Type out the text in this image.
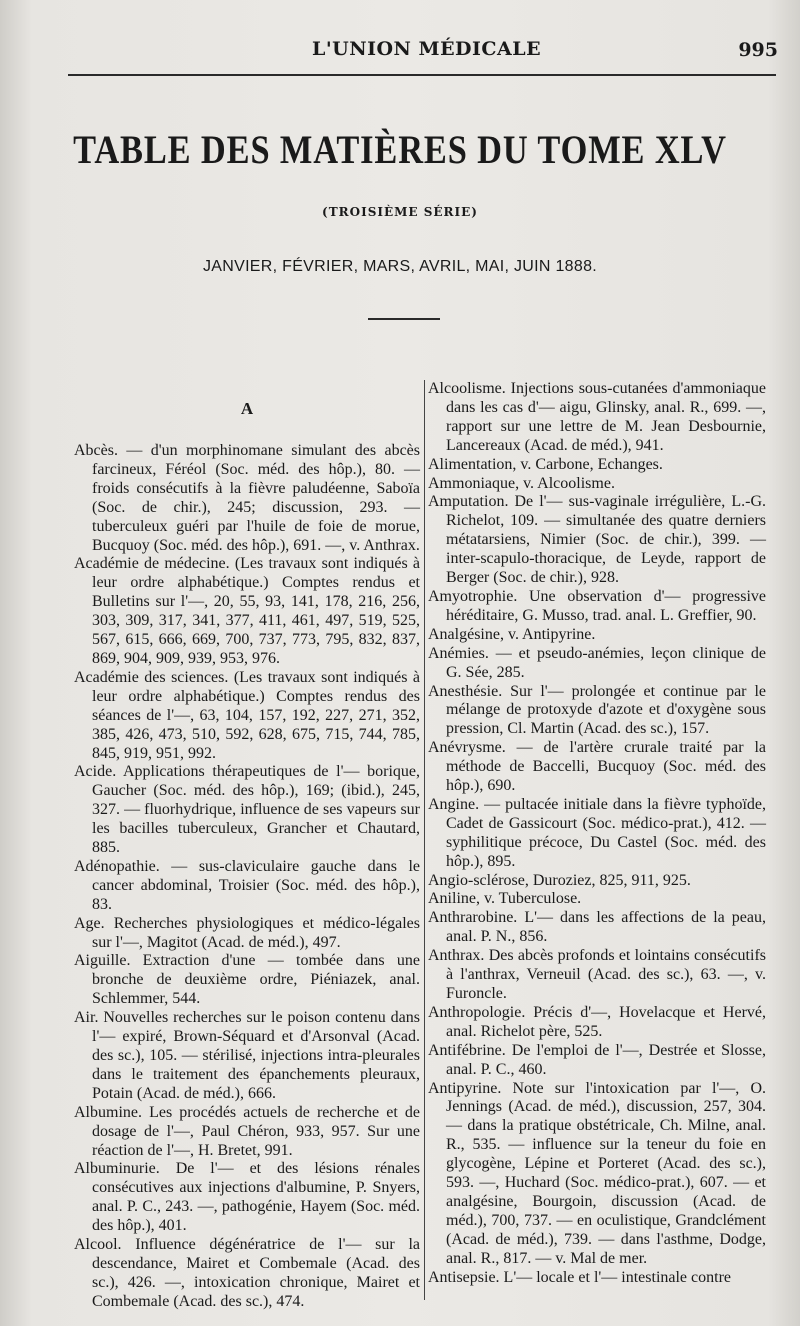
L'UNION MÉDICALE	995
TABLE DES MATIÈRES DU TOME XLV
(TROISIÈME SÉRIE)
JANVIER, FÉVRIER, MARS, AVRIL, MAI, JUIN 1888.
A

Abcès. — d'un morphinomane simulant des abcès farcineux, Féréol (Soc. méd. des hôp.), 80. — froids consécutifs à la fièvre paludéenne, Saboïa (Soc. de chir.), 245; discussion, 293. — tuberculeux guéri par l'huile de foie de morue, Bucquoy (Soc. méd. des hôp.), 691. —, v. Anthrax.

Académie de médecine. (Les travaux sont indiqués à leur ordre alphabétique.) Comptes rendus et Bulletins sur l'—, 20, 55, 93, 141, 178, 216, 256, 303, 309, 317, 341, 377, 411, 461, 497, 519, 525, 567, 615, 666, 669, 700, 737, 773, 795, 832, 837, 869, 904, 909, 939, 953, 976.

Académie des sciences. (Les travaux sont indiqués à leur ordre alphabétique.) Comptes rendus des séances de l'—, 63, 104, 157, 192, 227, 271, 352, 385, 426, 473, 510, 592, 628, 675, 715, 744, 785, 845, 919, 951, 992.

Acide. Applications thérapeutiques de l'— borique, Gaucher (Soc. méd. des hôp.), 169; (ibid.), 245, 327. — fluorhydrique, influence de ses vapeurs sur les bacilles tuberculeux, Grancher et Chautard, 885.

Adénopathie. — sus-claviculaire gauche dans le cancer abdominal, Troisier (Soc. méd. des hôp.), 83.

Age. Recherches physiologiques et médico-légales sur l'—, Magitot (Acad. de méd.), 497.

Aiguille. Extraction d'une — tombée dans une bronche de deuxième ordre, Piéniazek, anal. Schlemmer, 544.

Air. Nouvelles recherches sur le poison contenu dans l'— expiré, Brown-Séquard et d'Arsonval (Acad. des sc.), 105. — stérilisé, injections intra-pleurales dans le traitement des épanchements pleuraux, Potain (Acad. de méd.), 666.

Albumine. Les procédés actuels de recherche et de dosage de l'—, Paul Chéron, 933, 957. Sur une réaction de l'—, H. Bretet, 991.

Albuminurie. De l'— et des lésions rénales consécutives aux injections d'albumine, P. Snyers, anal. P. C., 243. —, pathogénie, Hayem (Soc. méd. des hôp.), 401.

Alcool. Influence dégénératrice de l'— sur la descendance, Mairet et Combemale (Acad. des sc.), 426. —, intoxication chronique, Mairet et Combemale (Acad. des sc.), 474.

Alcoolisme. Injections sous-cutanées d'ammoniaque dans les cas d'— aigu, Glinsky, anal. R., 699. —, rapport sur une lettre de M. Jean Desbournie, Lancereaux (Acad. de méd.), 941.

Alimentation, v. Carbone, Echanges.

Ammoniaque, v. Alcoolisme.

Amputation. De l'— sus-vaginale irrégulière, L.-G. Richelot, 109. — simultanée des quatre derniers métatarsiens, Nimier (Soc. de chir.), 399. — inter-scapulo-thoracique, de Leyde, rapport de Berger (Soc. de chir.), 928.

Amyotrophie. Une observation d'— progressive héréditaire, G. Musso, trad. anal. L. Greffier, 90.

Analgésine, v. Antipyrine.

Anémies. — et pseudo-anémies, leçon clinique de G. Sée, 285.

Anesthésie. Sur l'— prolongée et continue par le mélange de protoxyde d'azote et d'oxygène sous pression, Cl. Martin (Acad. des sc.), 157.

Anévrysme. — de l'artère crurale traité par la méthode de Baccelli, Bucquoy (Soc. méd. des hôp.), 690.

Angine. — pultacée initiale dans la fièvre typhoïde, Cadet de Gassicourt (Soc. médico-prat.), 412. — syphilitique précoce, Du Castel (Soc. méd. des hôp.), 895.

Angio-sclérose, Duroziez, 825, 911, 925.

Aniline, v. Tuberculose.

Anthrarobine. L'— dans les affections de la peau, anal. P. N., 856.

Anthrax. Des abcès profonds et lointains consécutifs à l'anthrax, Verneuil (Acad. des sc.), 63. —, v. Furoncle.

Anthropologie. Précis d'—, Hovelacque et Hervé, anal. Richelot père, 525.

Antifébrine. De l'emploi de l'—, Destrée et Slosse, anal. P. C., 460.

Antipyrine. Note sur l'intoxication par l'—, O. Jennings (Acad. de méd.), discussion, 257, 304. — dans la pratique obstétricale, Ch. Milne, anal. R., 535. — influence sur la teneur du foie en glycogène, Lépine et Porteret (Acad. des sc.), 593. —, Huchard (Soc. médico-prat.), 607. — et analgésine, Bourgoin, discussion (Acad. de méd.), 700, 737. — en oculistique, Grandclément (Acad. de méd.), 739. — dans l'asthme, Dodge, anal. R., 817. — v. Mal de mer.

Antisepsie. L'— locale et l'— intestinale contre
